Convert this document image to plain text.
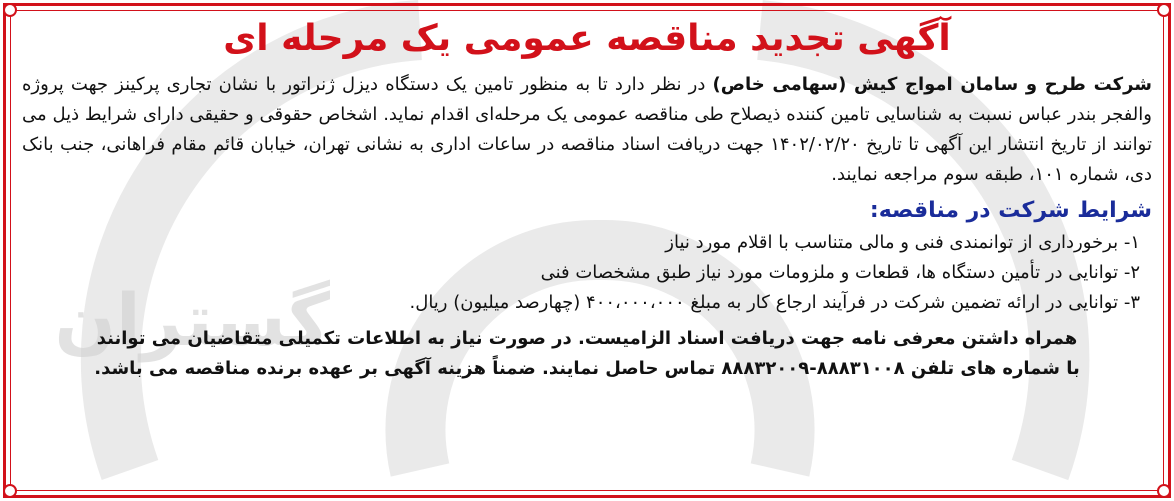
گستران
آگهی تجدید مناقصه عمومی یک مرحله ای

شرکت طرح و سامان امواج کیش (سهامی خاص) در نظر دارد تا به منظور تامین یک دستگاه دیزل ژنراتور با نشان تجاری پرکینز جهت پروژه والفجر بندر عباس نسبت به شناسایی تامین کننده ذیصلاح طی مناقصه عمومی یک مرحله‌ای اقدام نماید. اشخاص حقوقی و حقیقی دارای شرایط ذیل می توانند از تاریخ انتشار این آگهی تا تاریخ ۱۴۰۲/۰۲/۲۰ جهت دریافت اسناد مناقصه در ساعات اداری به نشانی تهران، خیابان قائم مقام فراهانی، جنب بانک دی، شماره ۱۰۱، طبقه سوم مراجعه نمایند.

شرایط شرکت در مناقصه:

۱- برخورداری از توانمندی فنی و مالی متناسب با اقلام مورد نیاز

۲- توانایی در تأمین دستگاه ها، قطعات و ملزومات مورد نیاز طبق مشخصات فنی

۳- توانایی در ارائه تضمین شرکت در فرآیند ارجاع کار به مبلغ ۴۰۰،۰۰۰،۰۰۰ (چهارصد میلیون) ریال.

همراه داشتن معرفی نامه جهت دریافت اسناد الزامیست. در صورت نیاز به اطلاعات تکمیلی متقاضیان می توانند
با شماره های تلفن ۸۸۸۳۱۰۰۸-۸۸۸۳۲۰۰۹ تماس حاصل نمایند. ضمناً هزینه آگهی بر عهده برنده مناقصه می باشد.
